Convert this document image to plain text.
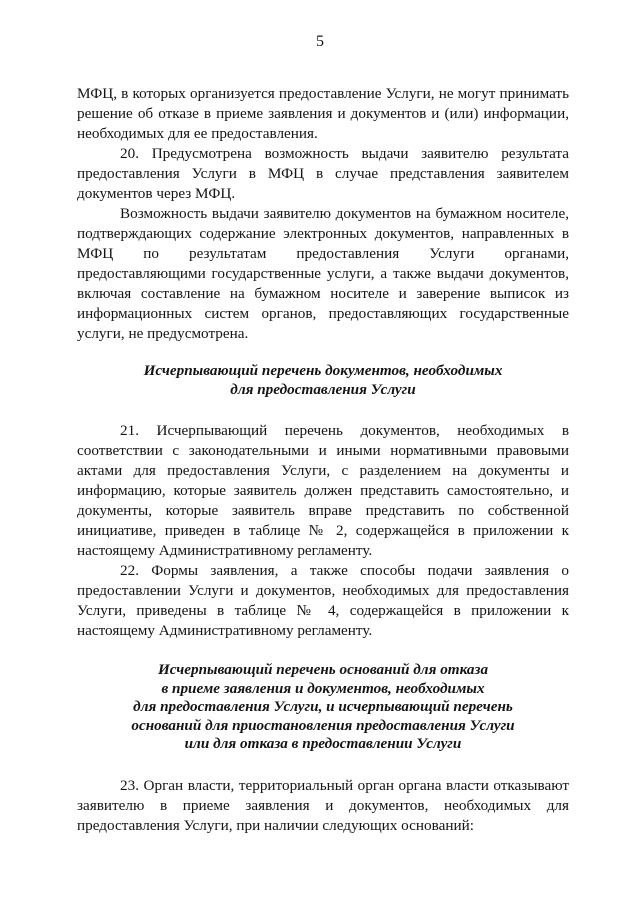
5

МФЦ, в которых организуется предоставление Услуги, не могут принимать решение об отказе в приеме заявления и документов и (или) информации, необходимых для ее предоставления.

20. Предусмотрена возможность выдачи заявителю результата предоставления Услуги в МФЦ в случае представления заявителем документов через МФЦ.

Возможность выдачи заявителю документов на бумажном носителе, подтверждающих содержание электронных документов, направленных в МФЦ по результатам предоставления Услуги органами, предоставляющими государственные услуги, а также выдачи документов, включая составление на бумажном носителе и заверение выписок из информационных систем органов, предоставляющих государственные услуги, не предусмотрена.

Исчерпывающий перечень документов, необходимых
для предоставления Услуги

21. Исчерпывающий перечень документов, необходимых в соответствии с законодательными и иными нормативными правовыми актами для предоставления Услуги, с разделением на документы и информацию, которые заявитель должен представить самостоятельно, и документы, которые заявитель вправе представить по собственной инициативе, приведен в таблице № 2, содержащейся в приложении к настоящему Административному регламенту.

22. Формы заявления, а также способы подачи заявления о предоставлении Услуги и документов, необходимых для предоставления Услуги, приведены в таблице № 4, содержащейся в приложении к настоящему Административному регламенту.

Исчерпывающий перечень оснований для отказа
в приеме заявления и документов, необходимых
для предоставления Услуги, и исчерпывающий перечень
оснований для приостановления предоставления Услуги
или для отказа в предоставлении Услуги

23. Орган власти, территориальный орган органа власти отказывают заявителю в приеме заявления и документов, необходимых для предоставления Услуги, при наличии следующих оснований:
